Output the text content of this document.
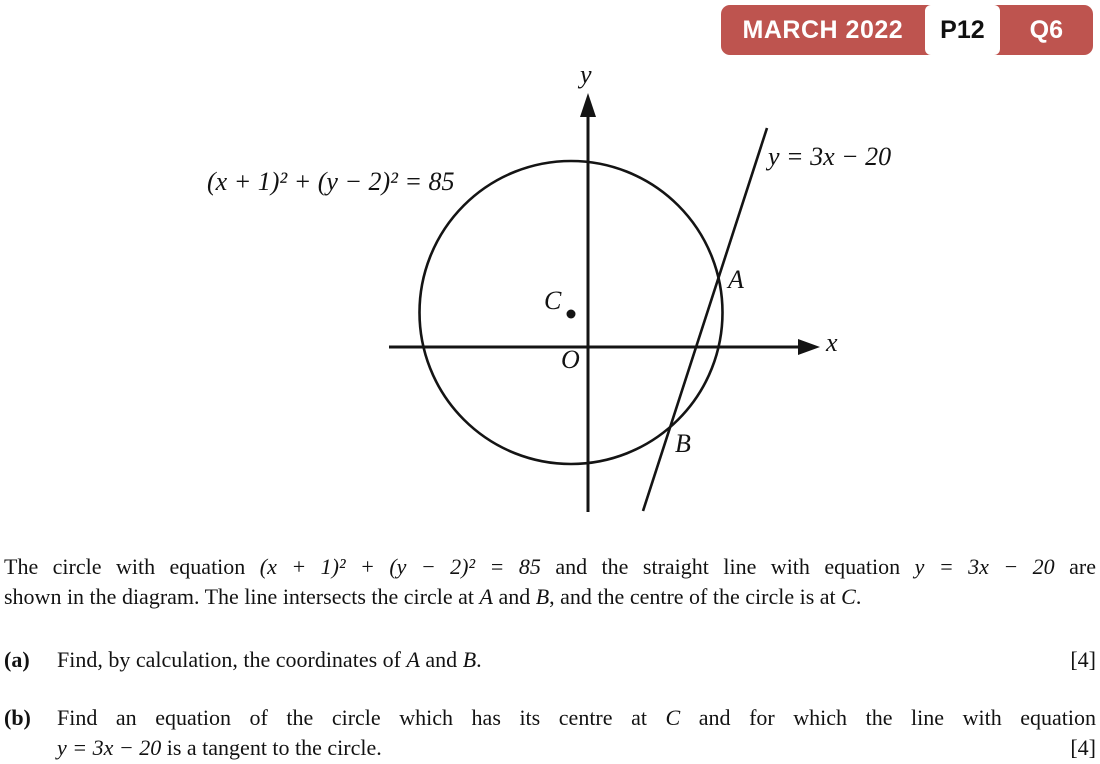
MARCH 2022	P12	Q6
(x + 1)² + (y − 2)² = 85
y = 3x − 20
y
x
C
O
A
B
The circle with equation (x + 1)² + (y − 2)² = 85 and the straight line with equation y = 3x − 20 are
shown in the diagram. The line intersects the circle at A and B, and the centre of the circle is at C.
(a)	Find, by calculation, the coordinates of A and B.	[4]
(b)	Find an equation of the circle which has its centre at C and for which the line with equation
y = 3x − 20 is a tangent to the circle.	[4]
